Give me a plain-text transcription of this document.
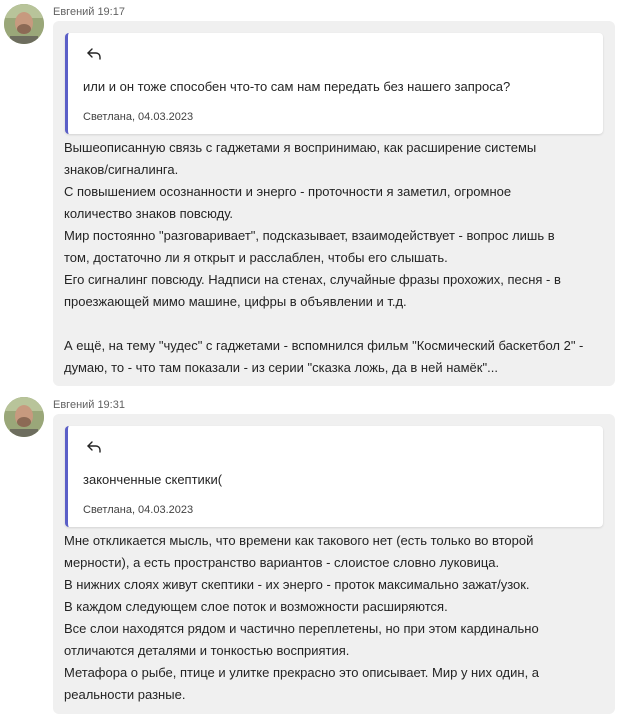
Евгений 19:17
или и он тоже способен что-то сам нам передать без нашего запроса?
Светлана, 04.03.2023
Вышеописанную связь с гаджетами я воспринимаю, как расширение системы
знаков/сигналинга.
С повышением осознанности и энерго - проточности я заметил, огромное
количество знаков повсюду.
Мир постоянно "разговаривает", подсказывает, взаимодействует - вопрос лишь в
том, достаточно ли я открыт и расслаблен, чтобы его слышать.
Его сигналинг повсюду. Надписи на стенах, случайные фразы прохожих, песня - в
проезжающей мимо машине, цифры в объявлении и т.д.
А ещё, на тему "чудес" с гаджетами - вспомнился фильм "Космический баскетбол 2" -
думаю, то - что там показали - из серии "сказка ложь, да в ней намёк"...
Евгений 19:31
законченные скептики(
Светлана, 04.03.2023
Мне откликается мысль, что времени как такового нет (есть только во второй
мерности), а есть пространство вариантов - слоистое словно луковица.
В нижних слоях живут скептики - их энерго - проток максимально зажат/узок.
В каждом следующем слое поток и возможности расширяются.
Все слои находятся рядом и частично переплетены, но при этом кардинально
отличаются деталями и тонкостью восприятия.
Метафора о рыбе, птице и улитке прекрасно это описывает. Мир у них один, а
реальности разные.
